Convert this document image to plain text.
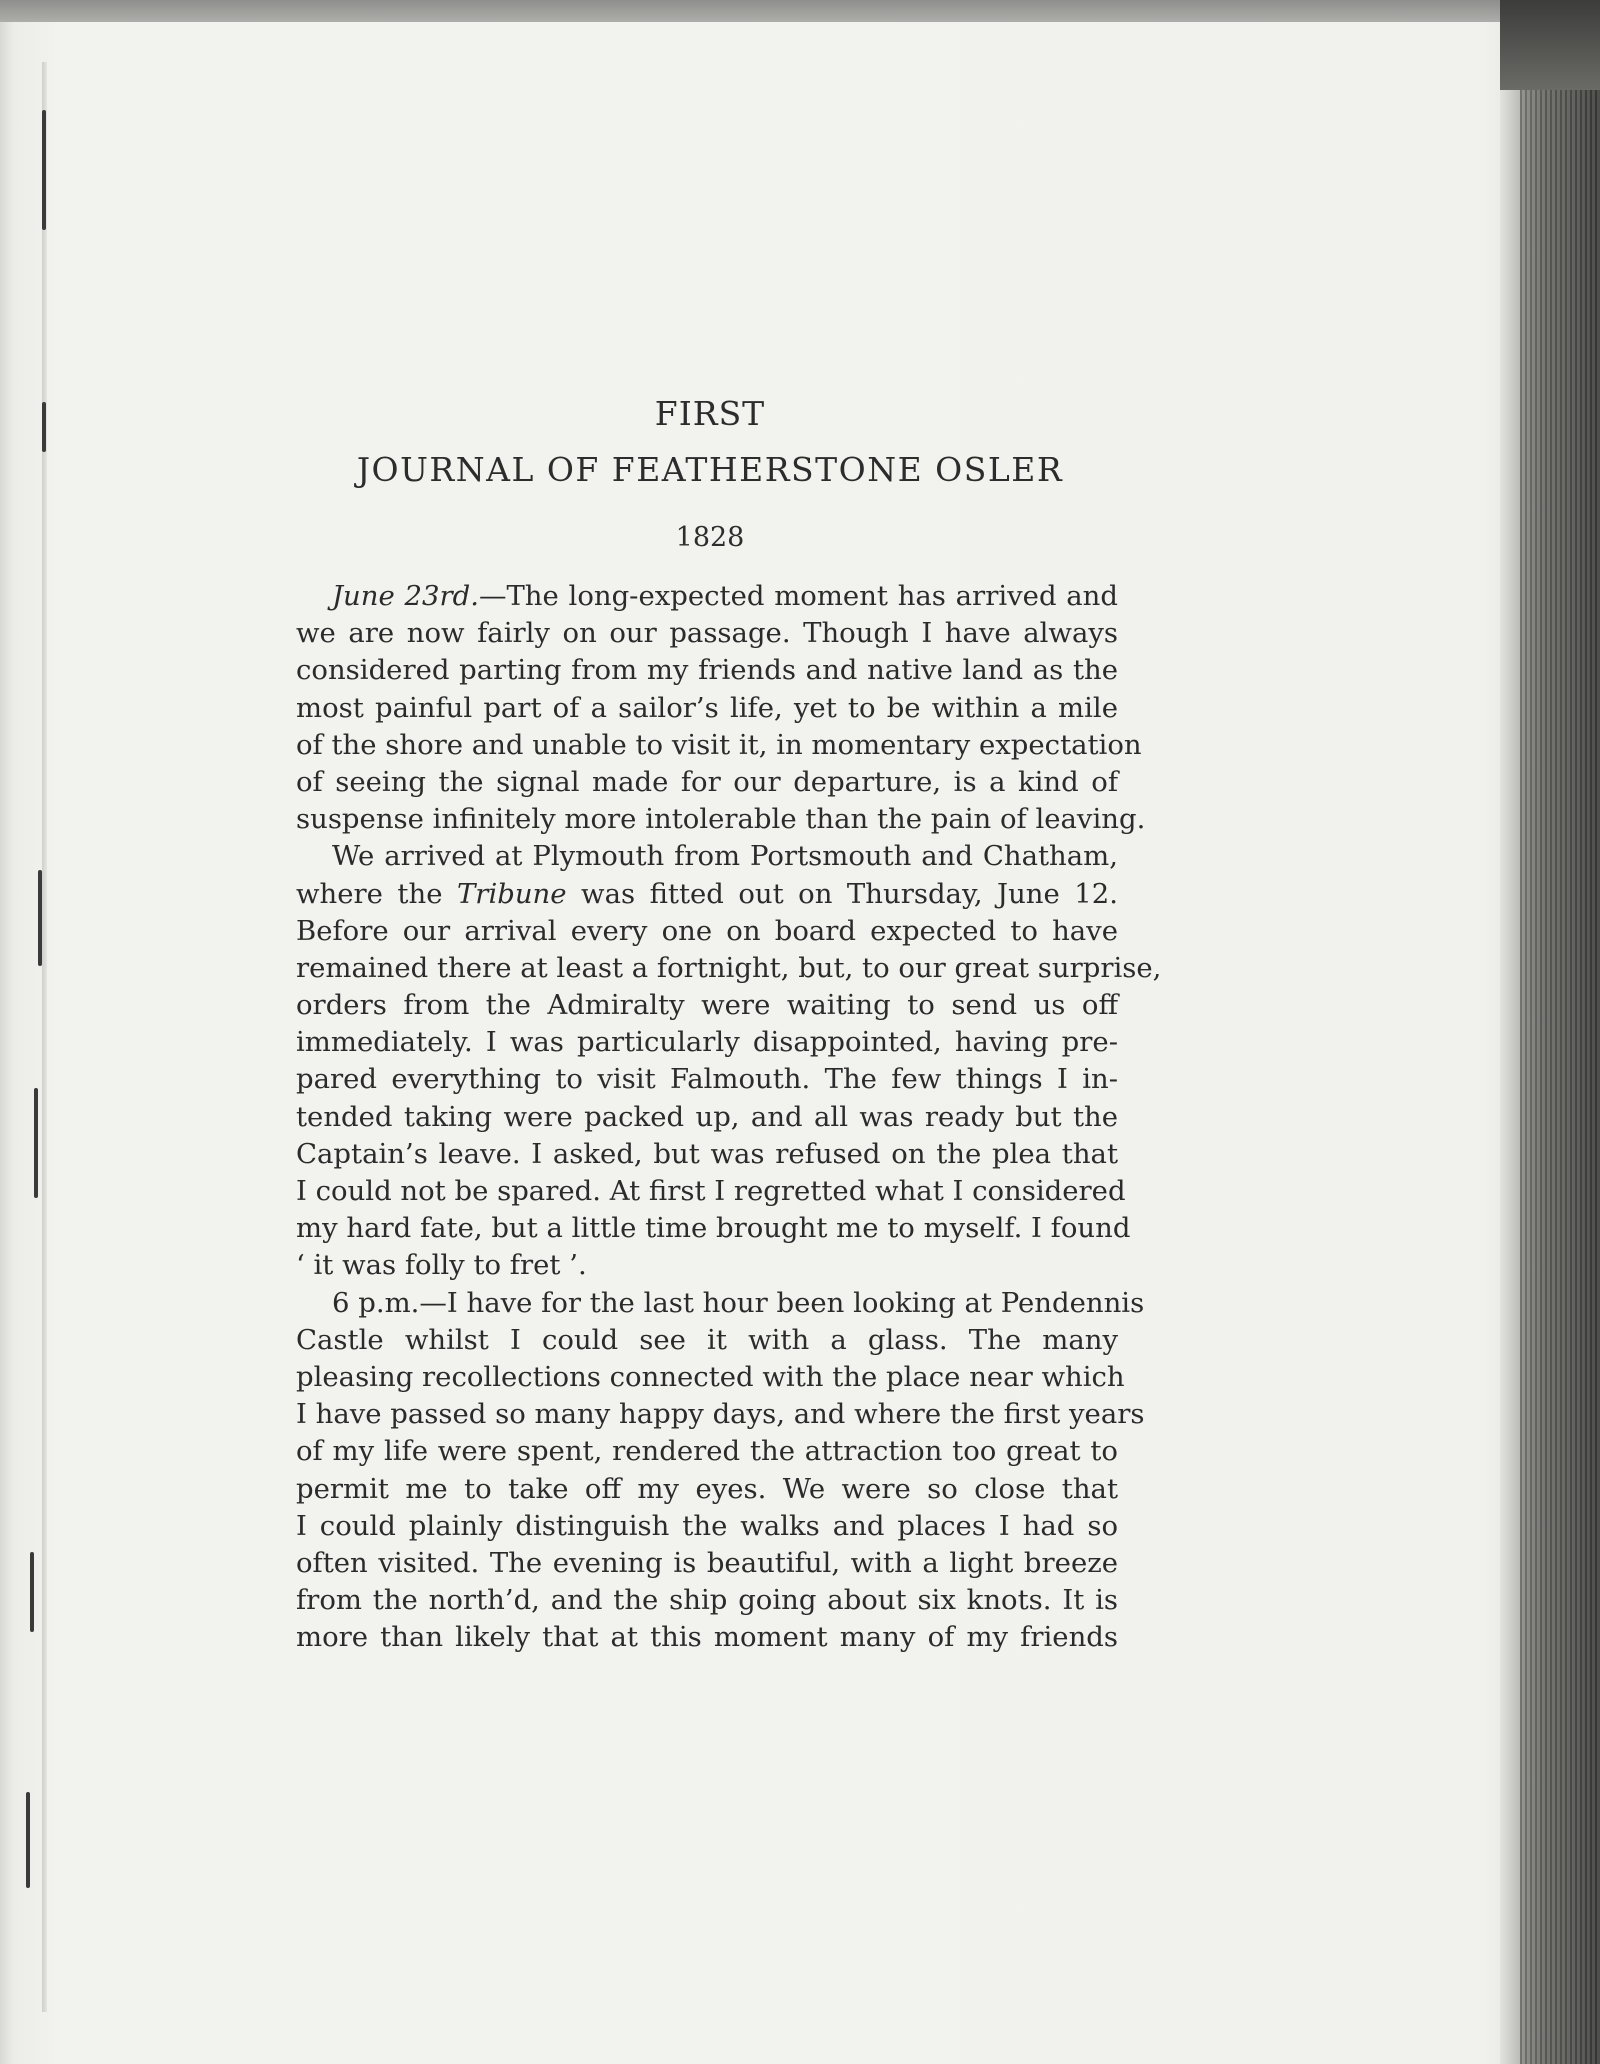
FIRST
JOURNAL OF FEATHERSTONE OSLER
1828
June 23rd.—The long-expected moment has arrived and
we are now fairly on our passage. Though I have always
considered parting from my friends and native land as the
most painful part of a sailor’s life, yet to be within a mile
of the shore and unable to visit it, in momentary expectation
of seeing the signal made for our departure, is a kind of
suspense infinitely more intolerable than the pain of leaving.
We arrived at Plymouth from Portsmouth and Chatham,
where the Tribune was fitted out on Thursday, June 12.
Before our arrival every one on board expected to have
remained there at least a fortnight, but, to our great surprise,
orders from the Admiralty were waiting to send us off
immediately. I was particularly disappointed, having pre-
pared everything to visit Falmouth. The few things I in-
tended taking were packed up, and all was ready but the
Captain’s leave. I asked, but was refused on the plea that
I could not be spared. At first I regretted what I considered
my hard fate, but a little time brought me to myself. I found
‘ it was folly to fret ’.
6 p.m.—I have for the last hour been looking at Pendennis
Castle whilst I could see it with a glass. The many
pleasing recollections connected with the place near which
I have passed so many happy days, and where the first years
of my life were spent, rendered the attraction too great to
permit me to take off my eyes. We were so close that
I could plainly distinguish the walks and places I had so
often visited. The evening is beautiful, with a light breeze
from the north’d, and the ship going about six knots. It is
more than likely that at this moment many of my friends
